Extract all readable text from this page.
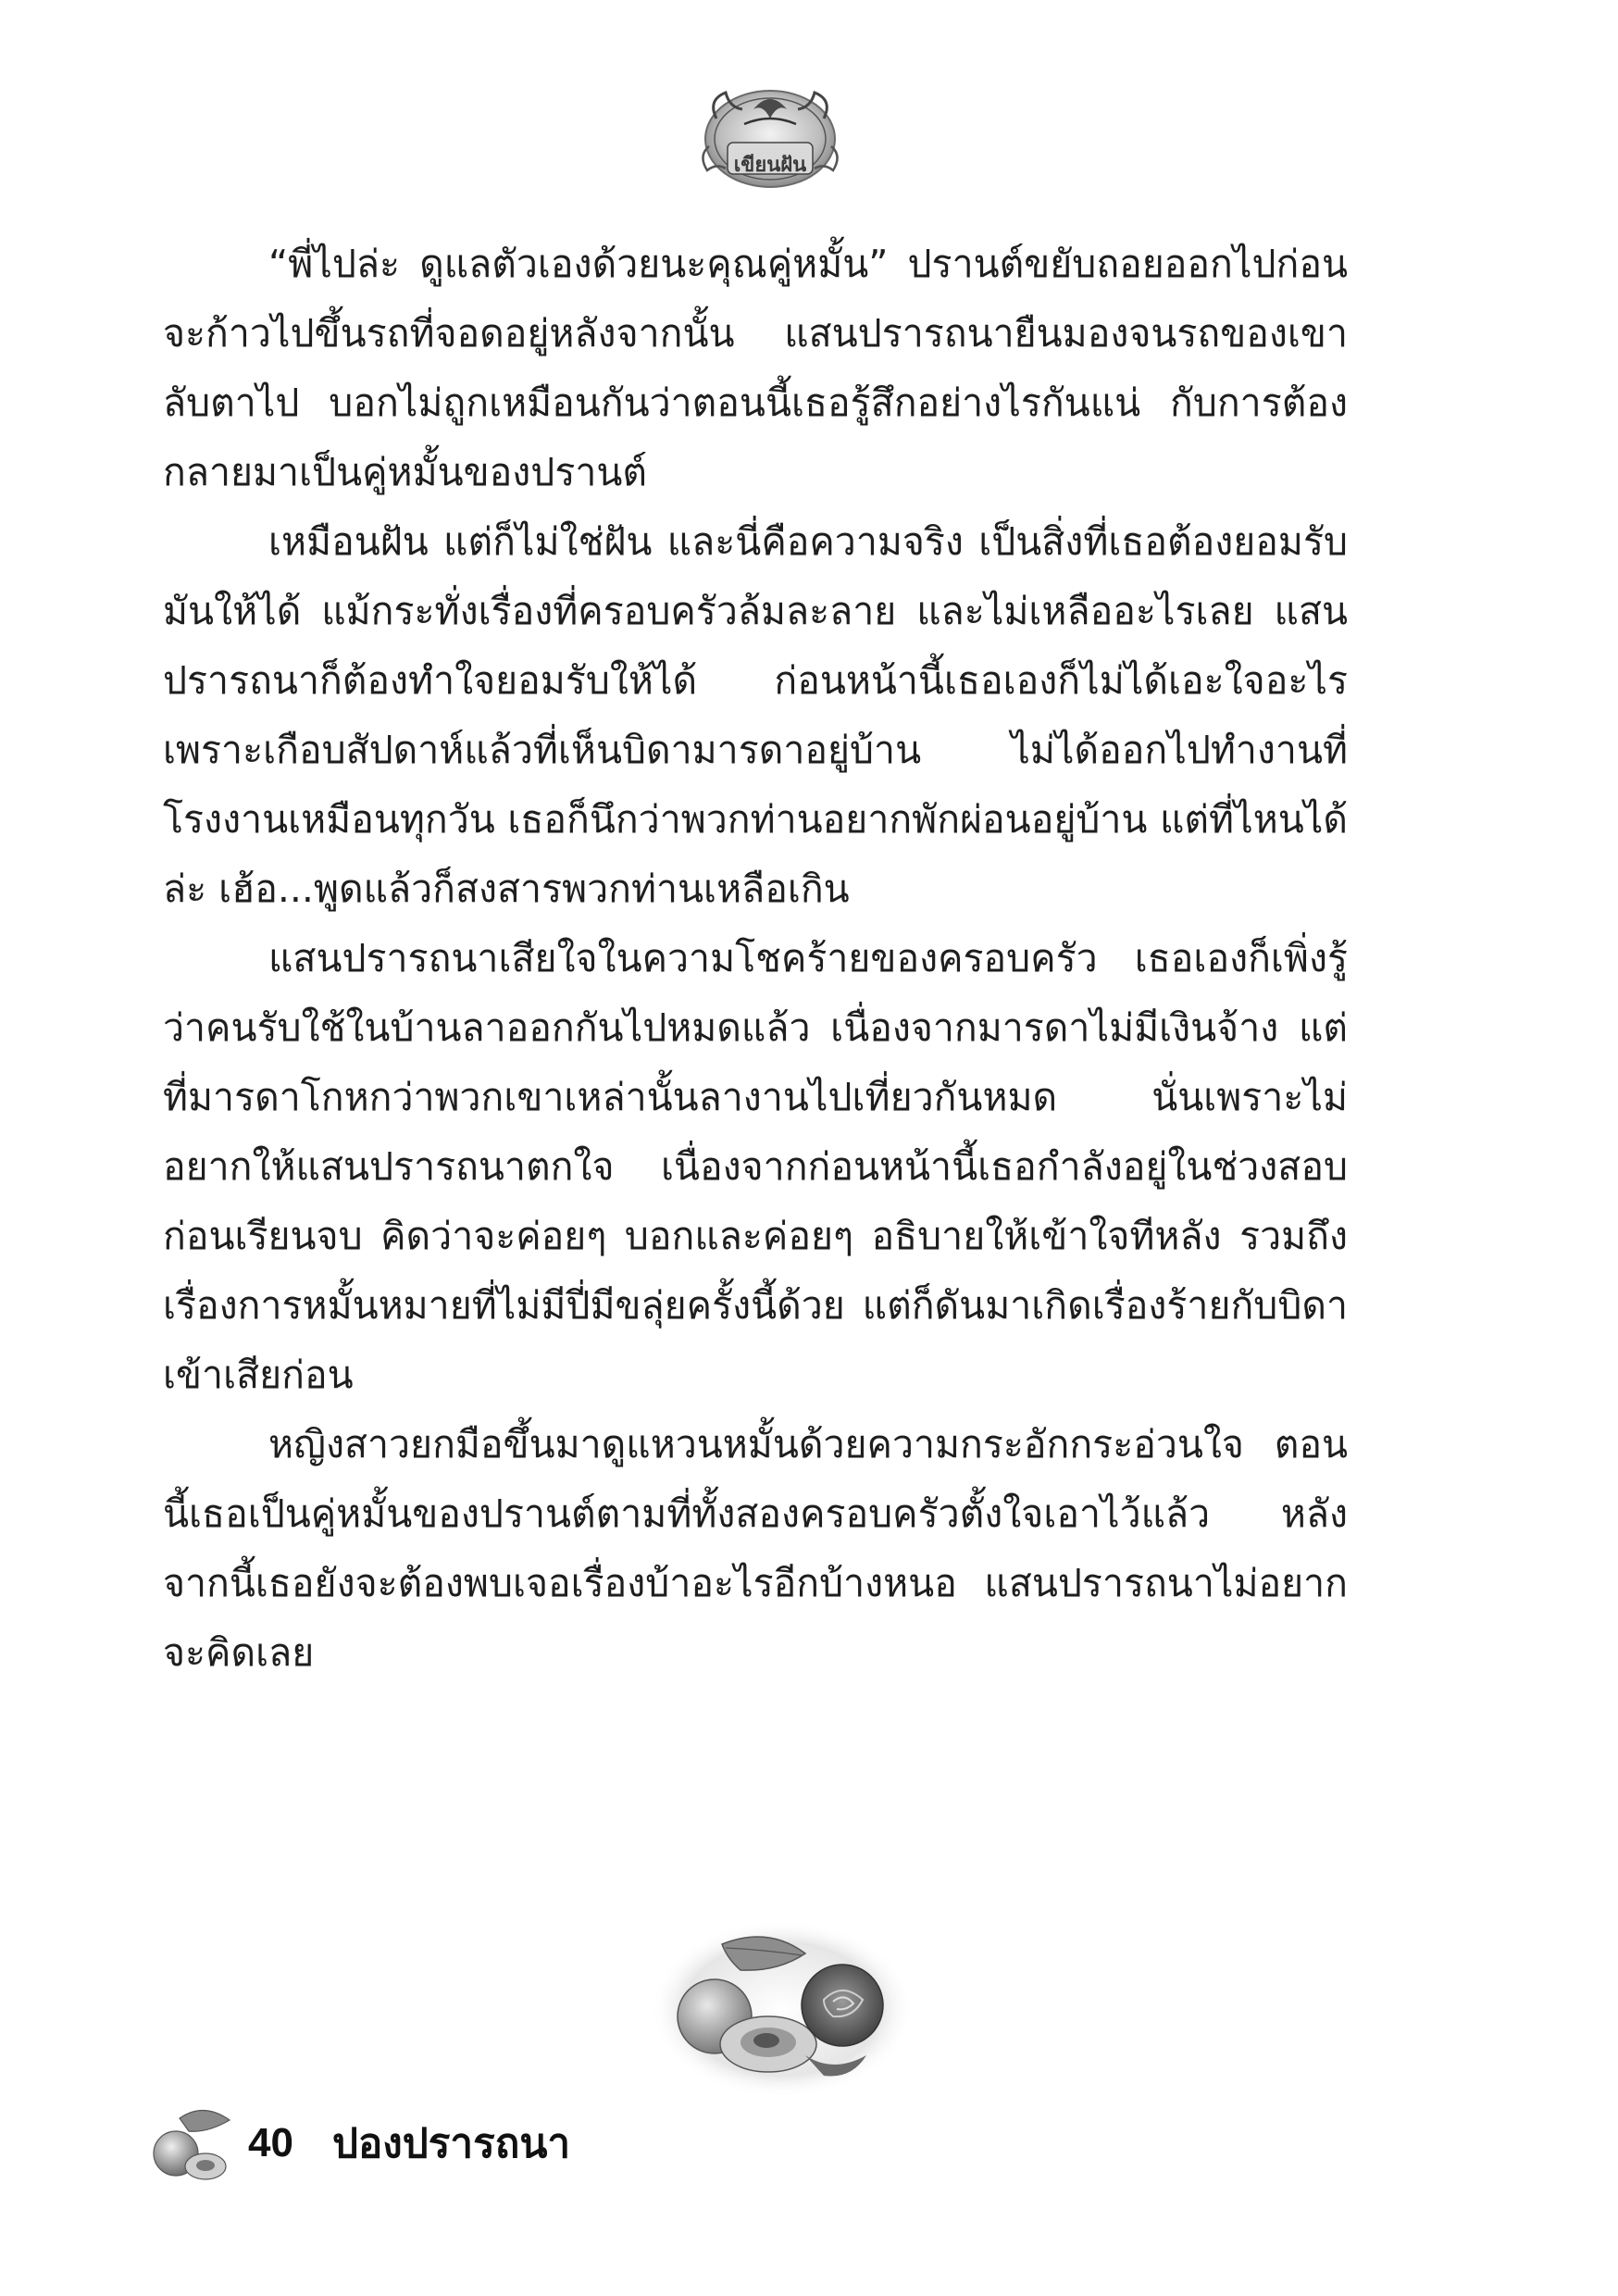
เขียนฝัน

“พี่ไปล่ะ ดูแลตัวเองด้วยนะคุณคู่หมั้น” ปรานต์ขยับถอยออกไปก่อนจะก้าวไปขึ้นรถที่จอดอยู่หลังจากนั้น แสนปรารถนายืนมองจนรถของเขาลับตาไป บอกไม่ถูกเหมือนกันว่าตอนนี้เธอรู้สึกอย่างไรกันแน่ กับการต้องกลายมาเป็นคู่หมั้นของปรานต์

เหมือนฝัน แต่ก็ไม่ใช่ฝัน และนี่คือความจริง เป็นสิ่งที่เธอต้องยอมรับมันให้ได้ แม้กระทั่งเรื่องที่ครอบครัวล้มละลาย และไม่เหลืออะไรเลย แสนปรารถนาก็ต้องทำใจยอมรับให้ได้ ก่อนหน้านี้เธอเองก็ไม่ได้เอะใจอะไร เพราะเกือบสัปดาห์แล้วที่เห็นบิดามารดาอยู่บ้าน ไม่ได้ออกไปทำงานที่โรงงานเหมือนทุกวัน เธอก็นึกว่าพวกท่านอยากพักผ่อนอยู่บ้าน แต่ที่ไหนได้ล่ะ เฮ้อ...พูดแล้วก็สงสารพวกท่านเหลือเกิน

แสนปรารถนาเสียใจในความโชคร้ายของครอบครัว เธอเองก็เพิ่งรู้ว่าคนรับใช้ในบ้านลาออกกันไปหมดแล้ว เนื่องจากมารดาไม่มีเงินจ้าง แต่ที่มารดาโกหกว่าพวกเขาเหล่านั้นลางานไปเที่ยวกันหมด นั่นเพราะไม่อยากให้แสนปรารถนาตกใจ เนื่องจากก่อนหน้านี้เธอกำลังอยู่ในช่วงสอบก่อนเรียนจบ คิดว่าจะค่อยๆ บอกและค่อยๆ อธิบายให้เข้าใจทีหลัง รวมถึงเรื่องการหมั้นหมายที่ไม่มีปี่มีขลุ่ยครั้งนี้ด้วย แต่ก็ดันมาเกิดเรื่องร้ายกับบิดาเข้าเสียก่อน

หญิงสาวยกมือขึ้นมาดูแหวนหมั้นด้วยความกระอักกระอ่วนใจ ตอนนี้เธอเป็นคู่หมั้นของปรานต์ตามที่ทั้งสองครอบครัวตั้งใจเอาไว้แล้ว หลังจากนี้เธอยังจะต้องพบเจอเรื่องบ้าอะไรอีกบ้างหนอ แสนปรารถนาไม่อยากจะคิดเลย

40 ปองปรารถนา
